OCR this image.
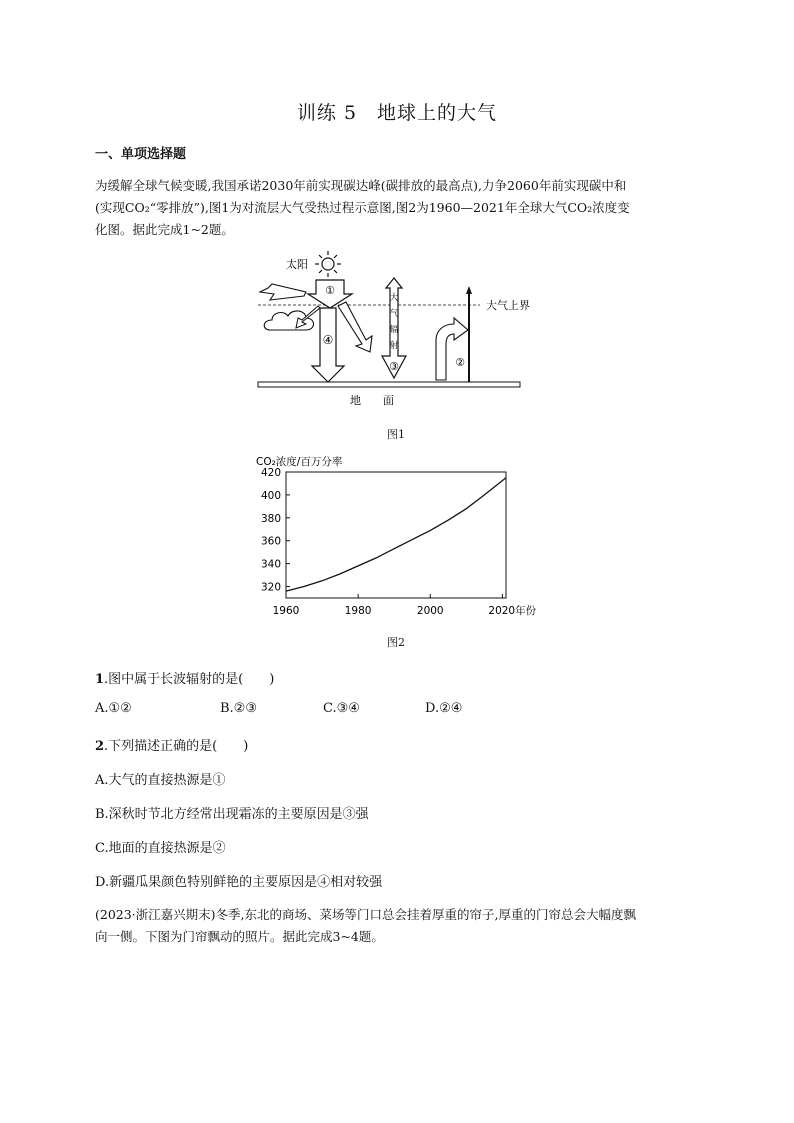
训练 5　地球上的大气
一、单项选择题
为缓解全球气候变暖,我国承诺2030年前实现碳达峰(碳排放的最高点),力争2060年前实现碳中和
(实现CO₂“零排放”),图1为对流层大气受热过程示意图,图2为1960—2021年全球大气CO₂浓度变
化图。据此完成1~2题。
太阳
大气上界
①
④
大
气
辐
射
③	②
地　　面
图1
CO₂浓度/百万分率
320
340
360
380
400
420
1960	1980	2000	2020年份
图2
1.图中属于长波辐射的是(　　)
A.①②	B.②③	C.③④	D.②④
2.下列描述正确的是(　　)
A.大气的直接热源是①
B.深秋时节北方经常出现霜冻的主要原因是③强
C.地面的直接热源是②
D.新疆瓜果颜色特别鲜艳的主要原因是④相对较强
(2023·浙江嘉兴期末)冬季,东北的商场、菜场等门口总会挂着厚重的帘子,厚重的门帘总会大幅度飘
向一侧。下图为门帘飘动的照片。据此完成3~4题。
